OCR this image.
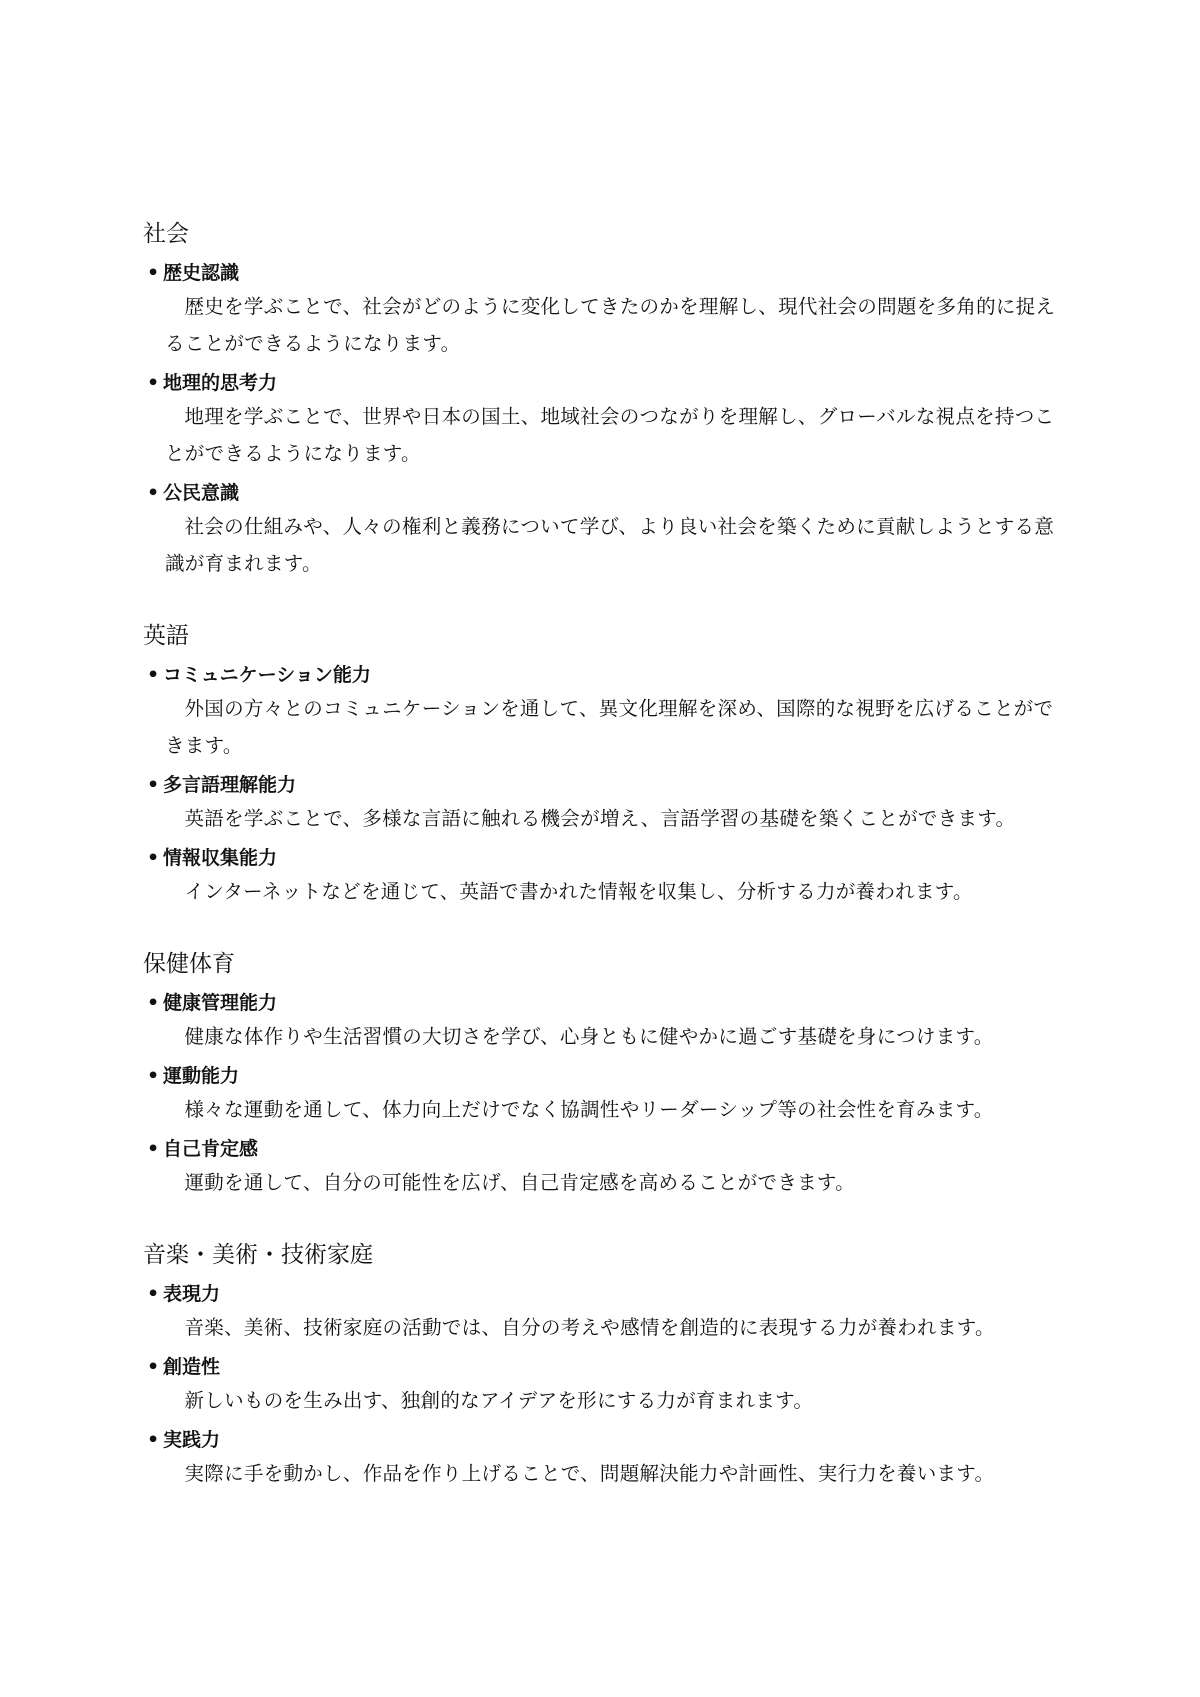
社会
• 歴史認識

歴史を学ぶことで、社会がどのように変化してきたのかを理解し、現代社会の問題を多角的に捉えることができるようになります。

• 地理的思考力

地理を学ぶことで、世界や日本の国土、地域社会のつながりを理解し、グローバルな視点を持つことができるようになります。

• 公民意識

社会の仕組みや、人々の権利と義務について学び、より良い社会を築くために貢献しようとする意識が育まれます。

英語
• コミュニケーション能力

外国の方々とのコミュニケーションを通して、異文化理解を深め、国際的な視野を広げることができます。

• 多言語理解能力

英語を学ぶことで、多様な言語に触れる機会が増え、言語学習の基礎を築くことができます。

• 情報収集能力

インターネットなどを通じて、英語で書かれた情報を収集し、分析する力が養われます。

保健体育
• 健康管理能力

健康な体作りや生活習慣の大切さを学び、心身ともに健やかに過ごす基礎を身につけます。

• 運動能力

様々な運動を通して、体力向上だけでなく協調性やリーダーシップ等の社会性を育みます。

• 自己肯定感

運動を通して、自分の可能性を広げ、自己肯定感を高めることができます。

音楽・美術・技術家庭
• 表現力

音楽、美術、技術家庭の活動では、自分の考えや感情を創造的に表現する力が養われます。

• 創造性

新しいものを生み出す、独創的なアイデアを形にする力が育まれます。

• 実践力

実際に手を動かし、作品を作り上げることで、問題解決能力や計画性、実行力を養います。
